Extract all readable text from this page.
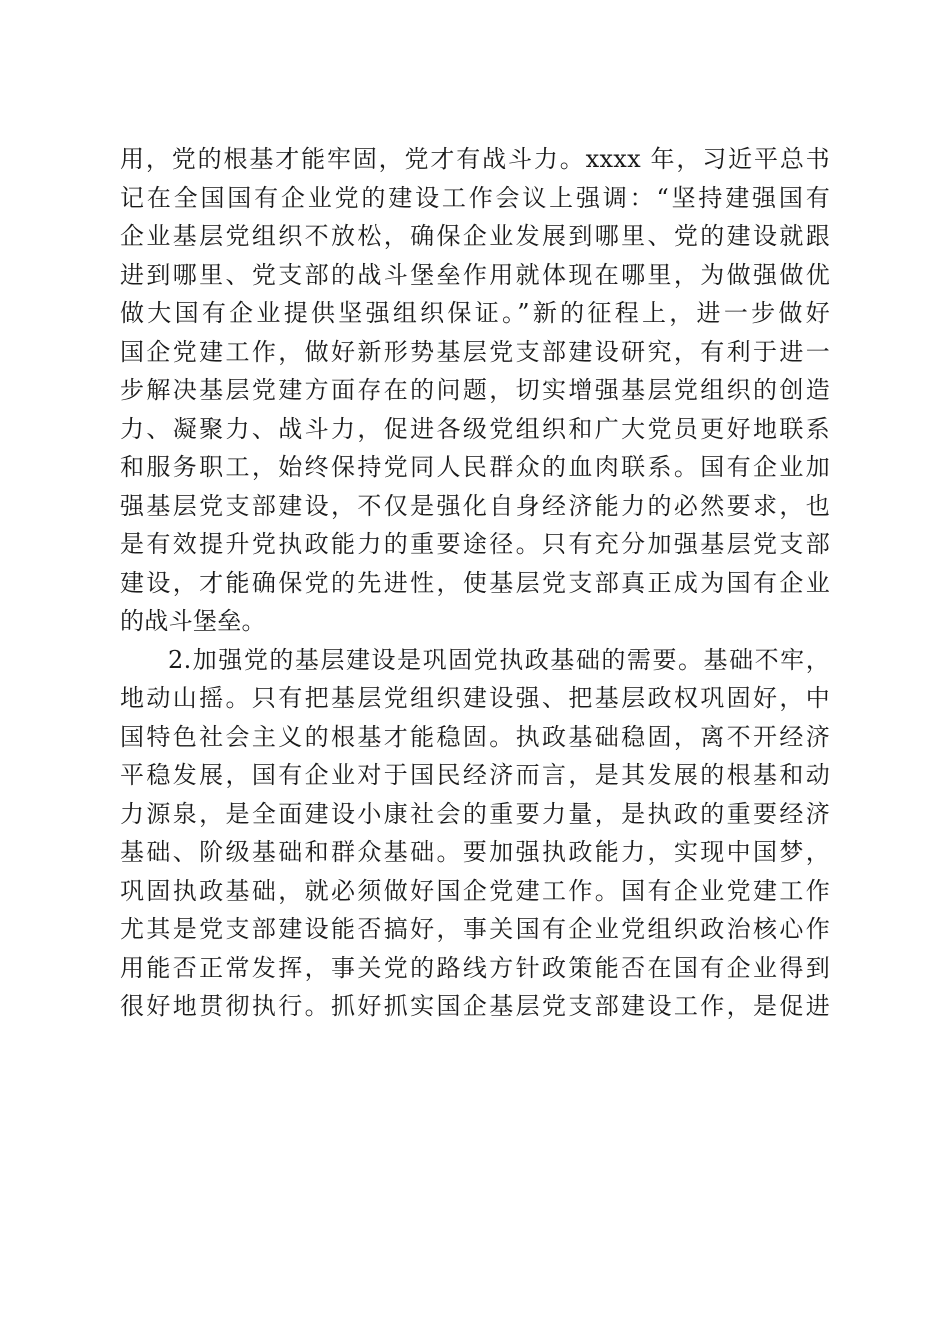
用，党的根基才能牢固，党才有战斗力。xxxx 年，习近平总书
记在全国国有企业党的建设工作会议上强调：“坚持建强国有
企业基层党组织不放松，确保企业发展到哪里、党的建设就跟
进到哪里、党支部的战斗堡垒作用就体现在哪里，为做强做优
做大国有企业提供坚强组织保证。”新的征程上，进一步做好
国企党建工作，做好新形势基层党支部建设研究，有利于进一
步解决基层党建方面存在的问题，切实增强基层党组织的创造
力、凝聚力、战斗力，促进各级党组织和广大党员更好地联系
和服务职工，始终保持党同人民群众的血肉联系。国有企业加
强基层党支部建设，不仅是强化自身经济能力的必然要求，也
是有效提升党执政能力的重要途径。只有充分加强基层党支部
建设，才能确保党的先进性，使基层党支部真正成为国有企业
的战斗堡垒。
2.加强党的基层建设是巩固党执政基础的需要。基础不牢，
地动山摇。只有把基层党组织建设强、把基层政权巩固好，中
国特色社会主义的根基才能稳固。执政基础稳固，离不开经济
平稳发展，国有企业对于国民经济而言，是其发展的根基和动
力源泉，是全面建设小康社会的重要力量，是执政的重要经济
基础、阶级基础和群众基础。要加强执政能力，实现中国梦，
巩固执政基础，就必须做好国企党建工作。国有企业党建工作
尤其是党支部建设能否搞好，事关国有企业党组织政治核心作
用能否正常发挥，事关党的路线方针政策能否在国有企业得到
很好地贯彻执行。抓好抓实国企基层党支部建设工作，是促进
